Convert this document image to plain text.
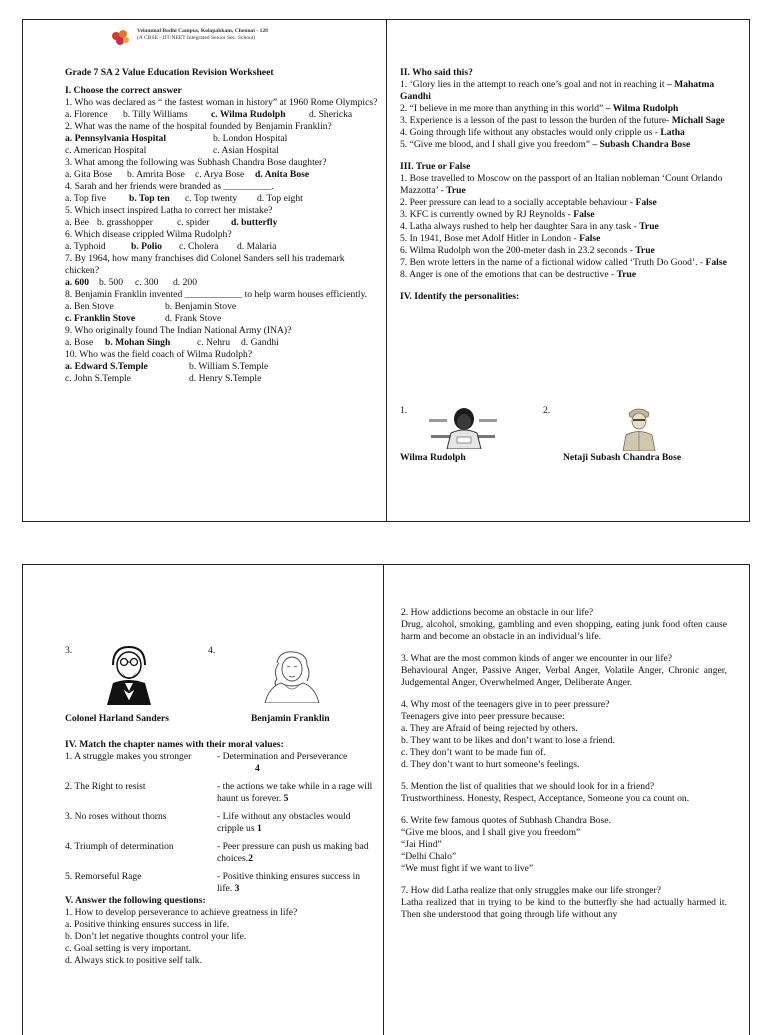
Velammal Bodhi Campus, Kolapakkam, Chennai - 128
(A CBSE - IIT/NEET Integrated Senior Sec. School)
Grade 7 SA 2 Value Education Revision Worksheet
I. Choose the correct answer
1. Who was declared as “ the fastest woman in history” at 1960 Rome Olympics?
a. Florence	b. Tilly Williams	c. Wilma Rudolph	d. Shericka
2. What was the name of the hospital founded by Benjamin Franklin?
a. Pennsylvania Hospital	b. London Hospital
c. American Hospital	c. Asian Hospital
3. What among the following was Subhash Chandra Bose daughter?
a. Gita Bose	b. Amrita Bose	c. Arya Bose	d. Anita Bose
4. Sarah and her friends were branded as __________.
a. Top five	b. Top ten	c. Top twenty	d. Top eight
5. Which insect inspired Latha to correct her mistake?
a. Bee b. grasshopper	c. spider	d. butterfly
6. Which disease crippled Wilma Rudolph?
a. Typhoid	b. Polio	c. Cholera	d. Malaria
7. By 1964, how many franchises did Colonel Sanders sell his trademark chicken?
a. 600	b. 500	c. 300	d. 200
8. Benjamin Franklin invented ____________ to help warm houses efficiently.
a. Ben Stove	b. Benjamin Stove
c. Franklin Stove	d. Frank Stove
9. Who originally found The Indian National Army (INA)?
a. Bose	b. Mohan Singh	c. Nehru	d. Gandhi
10. Who was the field coach of Wilma Rudolph?
a. Edward S.Temple	b. William S.Temple
c. John S.Temple	d. Henry S.Temple
II. Who said this?
1. ‘Glory lies in the attempt to reach one’s goal and not in reaching it – Mahatma Gandhi
2. “I believe in me more than anything in this world” – Wilma Rudolph
3. Experience is a lesson of the past to lesson the burden of the future- Michall Sage
4. Going through life without any obstacles would only cripple us - Latha
5. “Give me blood, and I shall give you freedom” – Subash Chandra Bose
III. True or False
1. Bose travelled to Moscow on the passport of an Italian nobleman ‘Count Orlando Mazzotta’ - True
2. Peer pressure can lead to a socially acceptable behaviour - False
3. KFC is currently owned by RJ Reynolds - False
4. Latha always rushed to help her daughter Sara in any task - True
5. In 1941, Bose met Adolf Hitler in London - False
6. Wilma Rudolph won the 200-meter dash in 23.2 seconds - True
7. Ben wrote letters in the name of a fictional widow called ‘Truth Do Good’. - False
8. Anger is one of the emotions that can be destructive - True
IV. Identify the personalities:
1.	2.
Wilma Rudolph	Netaji Subash Chandra Bose
3.	4.
Colonel Harland Sanders	Benjamin Franklin
IV. Match the chapter names with their moral values:
1. A struggle makes you stronger	- Determination and Perseverance
4
2. The Right to resist	- the actions we take while in a rage will haunt us forever. 5
3. No roses without thorns	- Life without any obstacles would cripple us 1
4. Triumph of determination	- Peer pressure can push us making bad choices.2
5. Remorseful Rage	- Positive thinking ensures success in life. 3
V. Answer the following questions:
1. How to develop perseverance to achieve greatness in life?
a. Positive thinking ensures success in life.
b. Don’t let negative thoughts control your life.
c. Goal setting is very important.
d. Always stick to positive self talk.
2. How addictions become an obstacle in our life?
Drug, alcohol, smoking, gambling and even shopping, eating junk food often cause harm and become an obstacle in an individual’s life.
3. What are the most common kinds of anger we encounter in our life?
Behavioural Anger, Passive Anger, Verbal Anger, Volatile Anger, Chronic anger, Judgemental Anger, Overwhelmed Anger, Deliberate Anger.
4. Why most of the teenagers give in to peer pressure?
Teenagers give into peer pressure because:
a. They are Afraid of being rejected by others.
b. They want to be likes and don’t want to lose a friend.
c. They don’t want to be made fun of.
d. They don’t want to hurt someone’s feelings.
5. Mention the list of qualities that we should look for in a friend?
Trustworthiness. Honesty, Respect, Acceptance, Someone you ca count on.
6. Write few famous quotes of Subhash Chandra Bose.
“Give me bloos, and I shall give you freedom”
“Jai Hind”
“Delhi Chalo”
“We must fight if we want to live”
7. How did Latha realize that only struggles make our life stronger?
Latha realized that in trying to be kind to the butterfly she had actually harmed it. Then she understood that going through life without any
